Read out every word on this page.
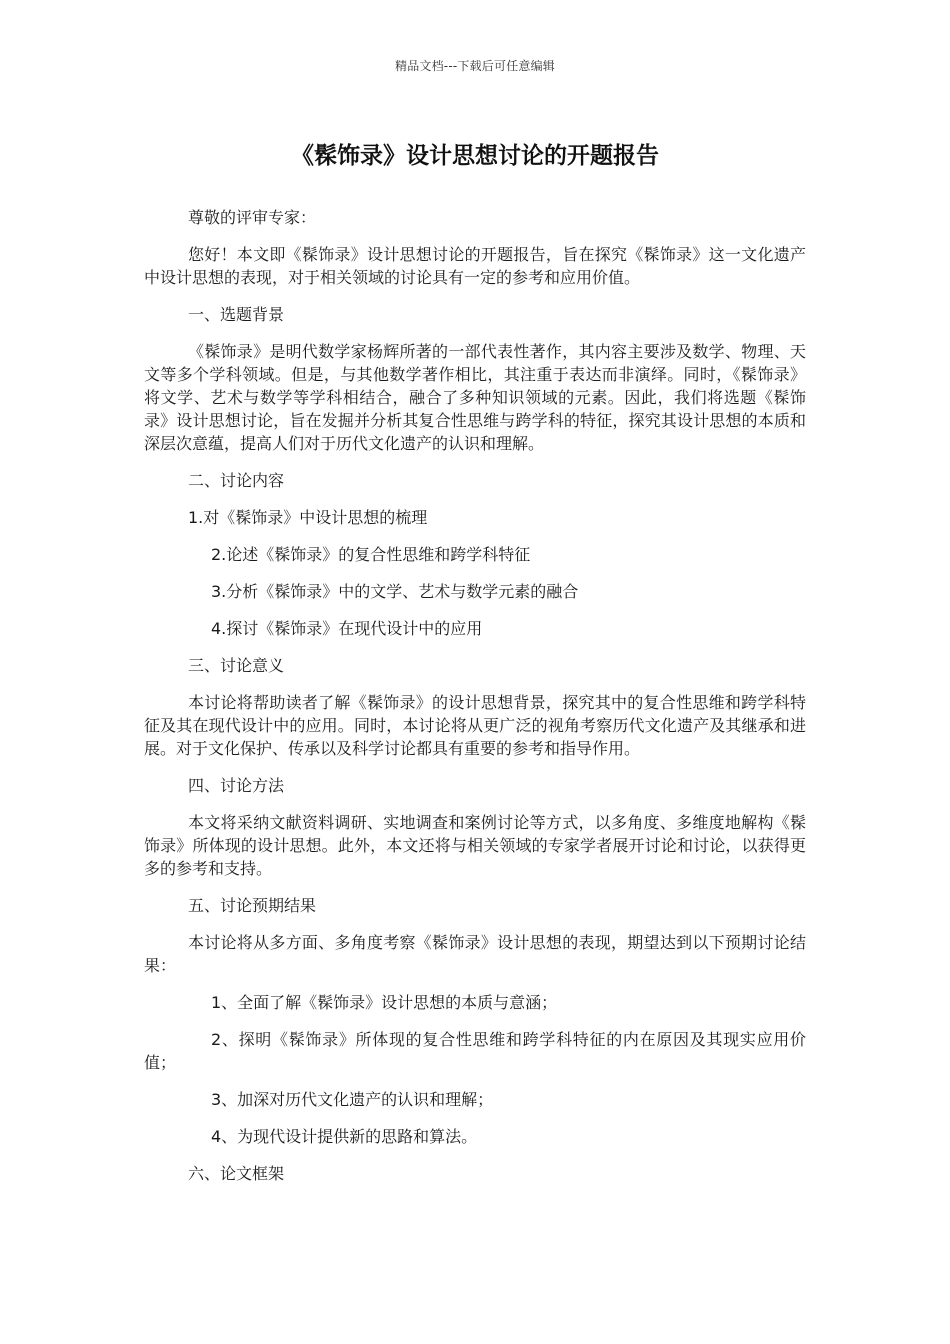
精品文档---下载后可任意编辑
《髹饰录》设计思想讨论的开题报告

尊敬的评审专家：

您好！本文即《髹饰录》设计思想讨论的开题报告，旨在探究《髹饰录》这一文化遗产中设计思想的表现，对于相关领域的讨论具有一定的参考和应用价值。

一、选题背景

《髹饰录》是明代数学家杨辉所著的一部代表性著作，其内容主要涉及数学、物理、天文等多个学科领域。但是，与其他数学著作相比，其注重于表达而非演绎。同时，《髹饰录》将文学、艺术与数学等学科相结合，融合了多种知识领域的元素。因此，我们将选题《髹饰录》设计思想讨论，旨在发掘并分析其复合性思维与跨学科的特征，探究其设计思想的本质和深层次意蕴，提高人们对于历代文化遗产的认识和理解。

二、讨论内容

1.对《髹饰录》中设计思想的梳理

2.论述《髹饰录》的复合性思维和跨学科特征

3.分析《髹饰录》中的文学、艺术与数学元素的融合

4.探讨《髹饰录》在现代设计中的应用

三、讨论意义

本讨论将帮助读者了解《髹饰录》的设计思想背景，探究其中的复合性思维和跨学科特征及其在现代设计中的应用。同时，本讨论将从更广泛的视角考察历代文化遗产及其继承和进展。对于文化保护、传承以及科学讨论都具有重要的参考和指导作用。

四、讨论方法

本文将采纳文献资料调研、实地调查和案例讨论等方式，以多角度、多维度地解构《髹饰录》所体现的设计思想。此外，本文还将与相关领域的专家学者展开讨论和讨论，以获得更多的参考和支持。

五、讨论预期结果

本讨论将从多方面、多角度考察《髹饰录》设计思想的表现，期望达到以下预期讨论结果：

1、全面了解《髹饰录》设计思想的本质与意涵；

2、探明《髹饰录》所体现的复合性思维和跨学科特征的内在原因及其现实应用价值；

3、加深对历代文化遗产的认识和理解；

4、为现代设计提供新的思路和算法。

六、论文框架
